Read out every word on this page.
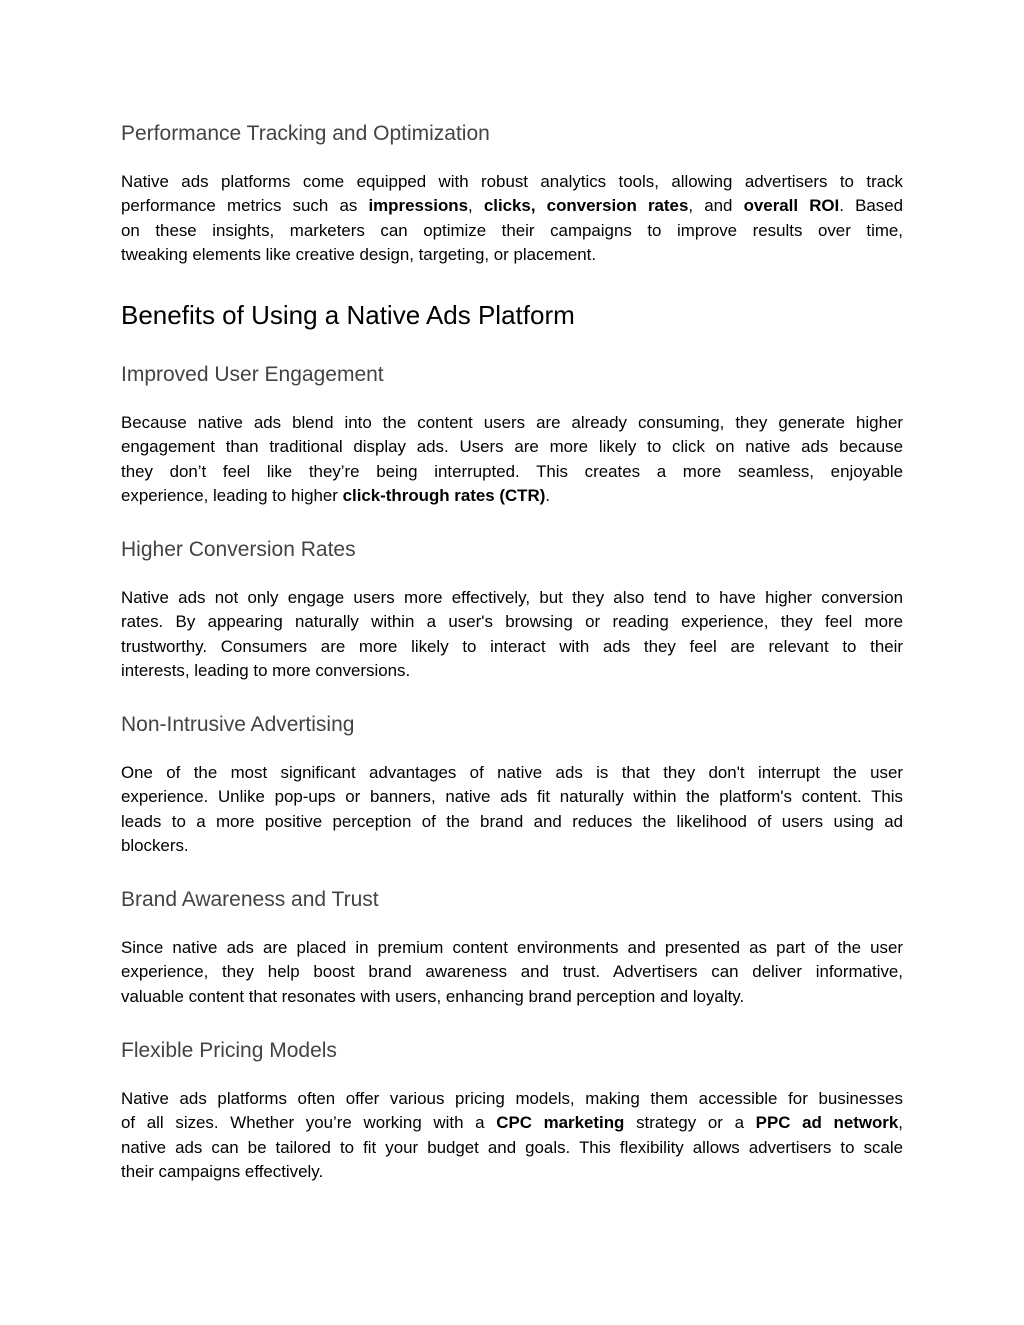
Performance Tracking and Optimization
Native ads platforms come equipped with robust analytics tools, allowing advertisers to track
performance metrics such as impressions, clicks, conversion rates, and overall ROI. Based
on these insights, marketers can optimize their campaigns to improve results over time,
tweaking elements like creative design, targeting, or placement.
Benefits of Using a Native Ads Platform
Improved User Engagement
Because native ads blend into the content users are already consuming, they generate higher
engagement than traditional display ads. Users are more likely to click on native ads because
they don’t feel like they’re being interrupted. This creates a more seamless, enjoyable
experience, leading to higher click-through rates (CTR).
Higher Conversion Rates
Native ads not only engage users more effectively, but they also tend to have higher conversion
rates. By appearing naturally within a user's browsing or reading experience, they feel more
trustworthy. Consumers are more likely to interact with ads they feel are relevant to their
interests, leading to more conversions.
Non-Intrusive Advertising
One of the most significant advantages of native ads is that they don't interrupt the user
experience. Unlike pop-ups or banners, native ads fit naturally within the platform's content. This
leads to a more positive perception of the brand and reduces the likelihood of users using ad
blockers.
Brand Awareness and Trust
Since native ads are placed in premium content environments and presented as part of the user
experience, they help boost brand awareness and trust. Advertisers can deliver informative,
valuable content that resonates with users, enhancing brand perception and loyalty.
Flexible Pricing Models
Native ads platforms often offer various pricing models, making them accessible for businesses
of all sizes. Whether you’re working with a CPC marketing strategy or a PPC ad network,
native ads can be tailored to fit your budget and goals. This flexibility allows advertisers to scale
their campaigns effectively.
